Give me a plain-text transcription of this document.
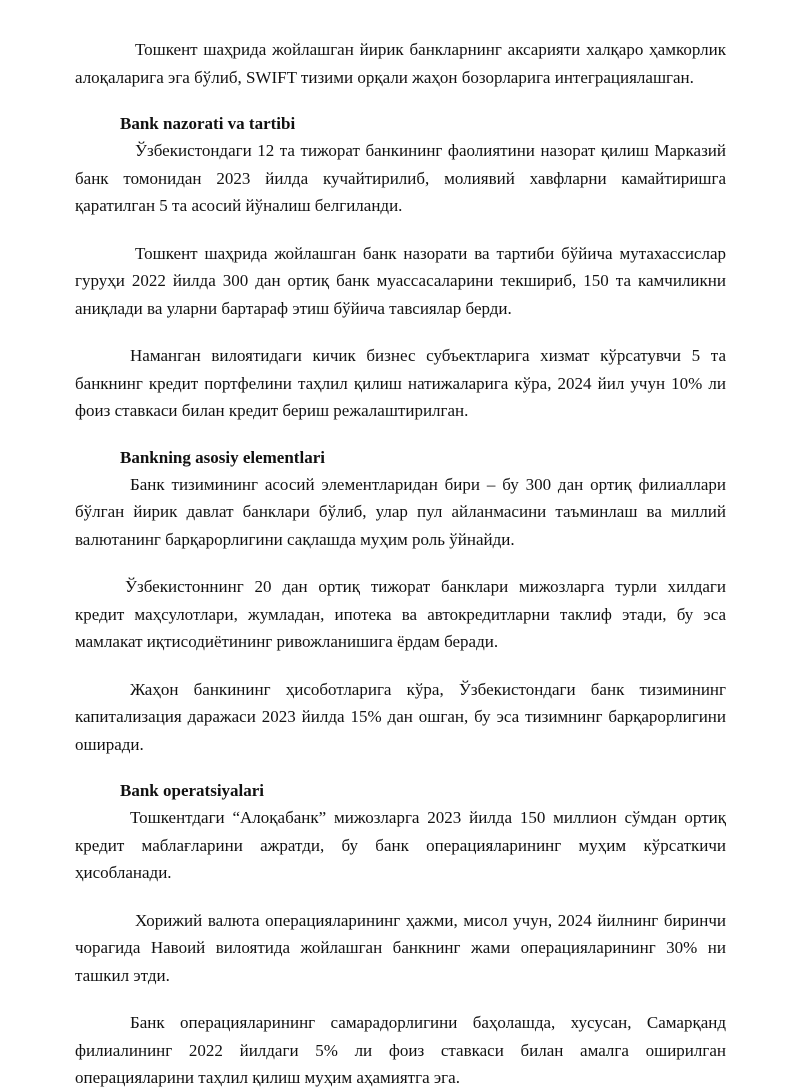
Тошкент шаҳрида жойлашган йирик банкларнинг аксарияти халқаро ҳамкорлик алоқаларига эга бўлиб, SWIFT тизими орқали жаҳон бозорларига интеграциялашган.

Bank nazorati va tartibi

Ўзбекистондаги 12 та тижорат банкининг фаолиятини назорат қилиш Марказий банк томонидан 2023 йилда кучайтирилиб, молиявий хавфларни камайтиришга қаратилган 5 та асосий йўналиш белгиланди.

Тошкент шаҳрида жойлашган банк назорати ва тартиби бўйича мутахассислар гуруҳи 2022 йилда 300 дан ортиқ банк муассасаларини текшириб, 150 та камчиликни аниқлади ва уларни бартараф этиш бўйича тавсиялар берди.

Наманган вилоятидаги кичик бизнес субъектларига хизмат кўрсатувчи 5 та банкнинг кредит портфелини таҳлил қилиш натижаларига кўра, 2024 йил учун 10% ли фоиз ставкаси билан кредит бериш режалаштирилган.

Bankning asosiy elementlari

Банк тизимининг асосий элементларидан бири – бу 300 дан ортиқ филиаллари бўлган йирик давлат банклари бўлиб, улар пул айланмасини таъминлаш ва миллий валютанинг барқарорлигини сақлашда муҳим роль ўйнайди.

Ўзбекистоннинг 20 дан ортиқ тижорат банклари мижозларга турли хилдаги кредит маҳсулотлари, жумладан, ипотека ва автокредитларни таклиф этади, бу эса мамлакат иқтисодиётининг ривожланишига ёрдам беради.

Жаҳон банкининг ҳисоботларига кўра, Ўзбекистондаги банк тизимининг капитализация даражаси 2023 йилда 15% дан ошган, бу эса тизимнинг барқарорлигини оширади.

Bank operatsiyalari

Тошкентдаги “Алоқабанк” мижозларга 2023 йилда 150 миллион сўмдан ортиқ кредит маблағларини ажратди, бу банк операцияларининг муҳим кўрсаткичи ҳисобланади.

Хорижий валюта операцияларининг ҳажми, мисол учун, 2024 йилнинг биринчи чорагида Навоий вилоятида жойлашган банкнинг жами операцияларининг 30% ни ташкил этди.

Банк операцияларининг самарадорлигини баҳолашда, хусусан, Самарқанд филиалининг 2022 йилдаги 5% ли фоиз ставкаси билан амалга оширилган операцияларини таҳлил қилиш муҳим аҳамиятга эга.
